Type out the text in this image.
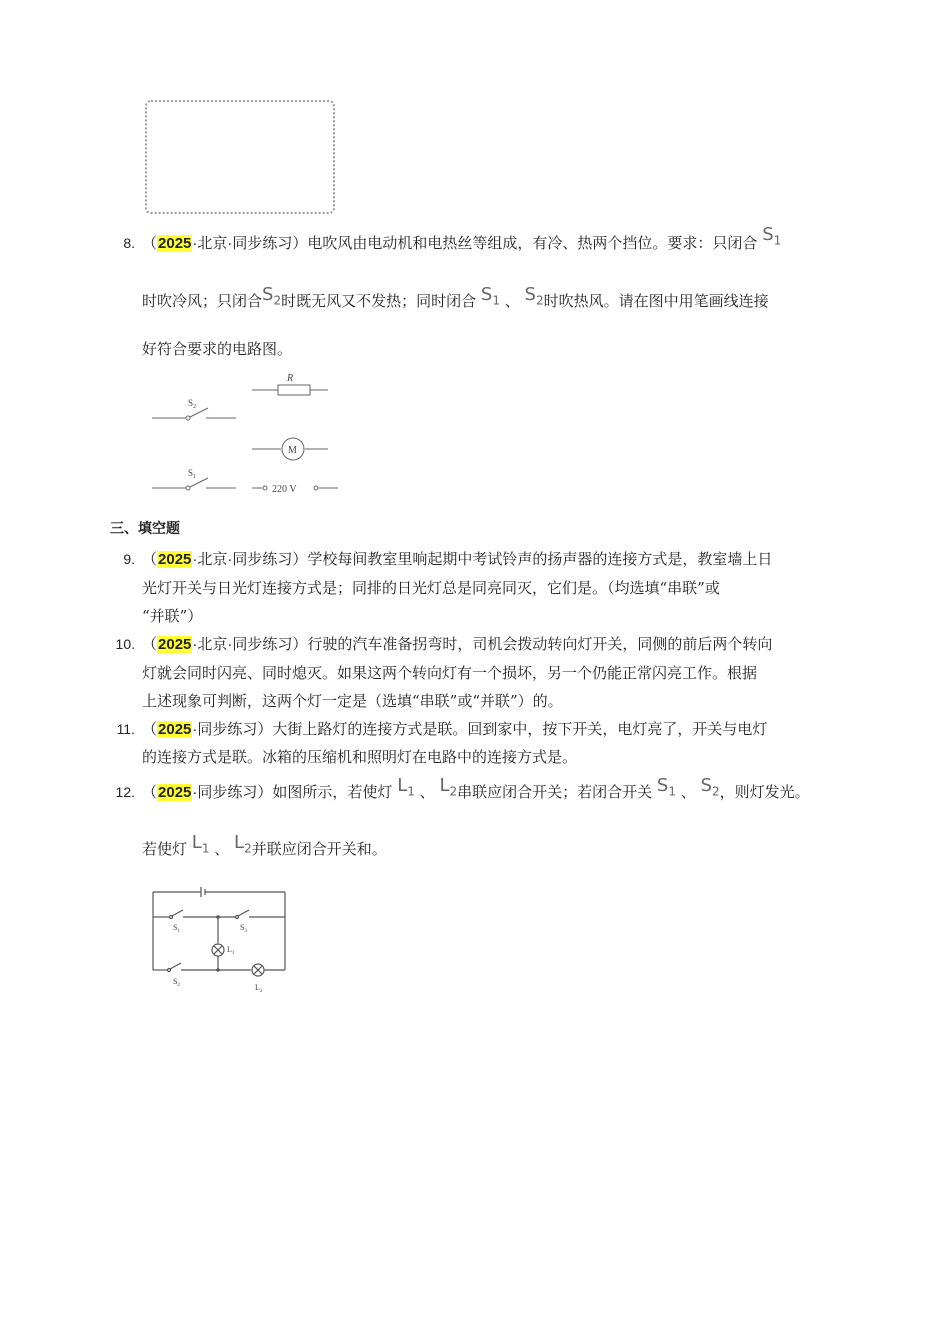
8. （2025·北京·同步练习）电吹风由电动机和电热丝等组成，有冷、热两个挡位。要求：只闭合 $S_1$
时吹冷风；只闭合$S_2$时既无风又不发热；同时闭合 $S_1$ 、 $S_2$时吹热风。请在图中用笔画线连接
好符合要求的电路图。
$S_2$
R
M
$S_1$
220 V
三、填空题
9. （2025·北京·同步练习）学校每间教室里响起期中考试铃声的扬声器的连接方式是，教室墙上日
光灯开关与日光灯连接方式是；同排的日光灯总是同亮同灭，它们是。（均选填“串联”或
“并联”）
10. （2025·北京·同步练习）行驶的汽车准备拐弯时，司机会拨动转向灯开关，同侧的前后两个转向
灯就会同时闪亮、同时熄灭。如果这两个转向灯有一个损坏，另一个仍能正常闪亮工作。根据
上述现象可判断，这两个灯一定是（选填“串联”或“并联”）的。
11. （2025·同步练习）大街上路灯的连接方式是联。回到家中，按下开关，电灯亮了，开关与电灯
的连接方式是联。冰箱的压缩机和照明灯在电路中的连接方式是。
12. （2025·同步练习）如图所示，若使灯 $L_1$ 、 $L_2$串联应闭合开关；若闭合开关 $S_1$ 、 $S_2$，则灯发光。
若使灯 $L_1$ 、 $L_2$并联应闭合开关和。
$S_1$	$S_3$
$L_1$
$S_2$	$L_2$
